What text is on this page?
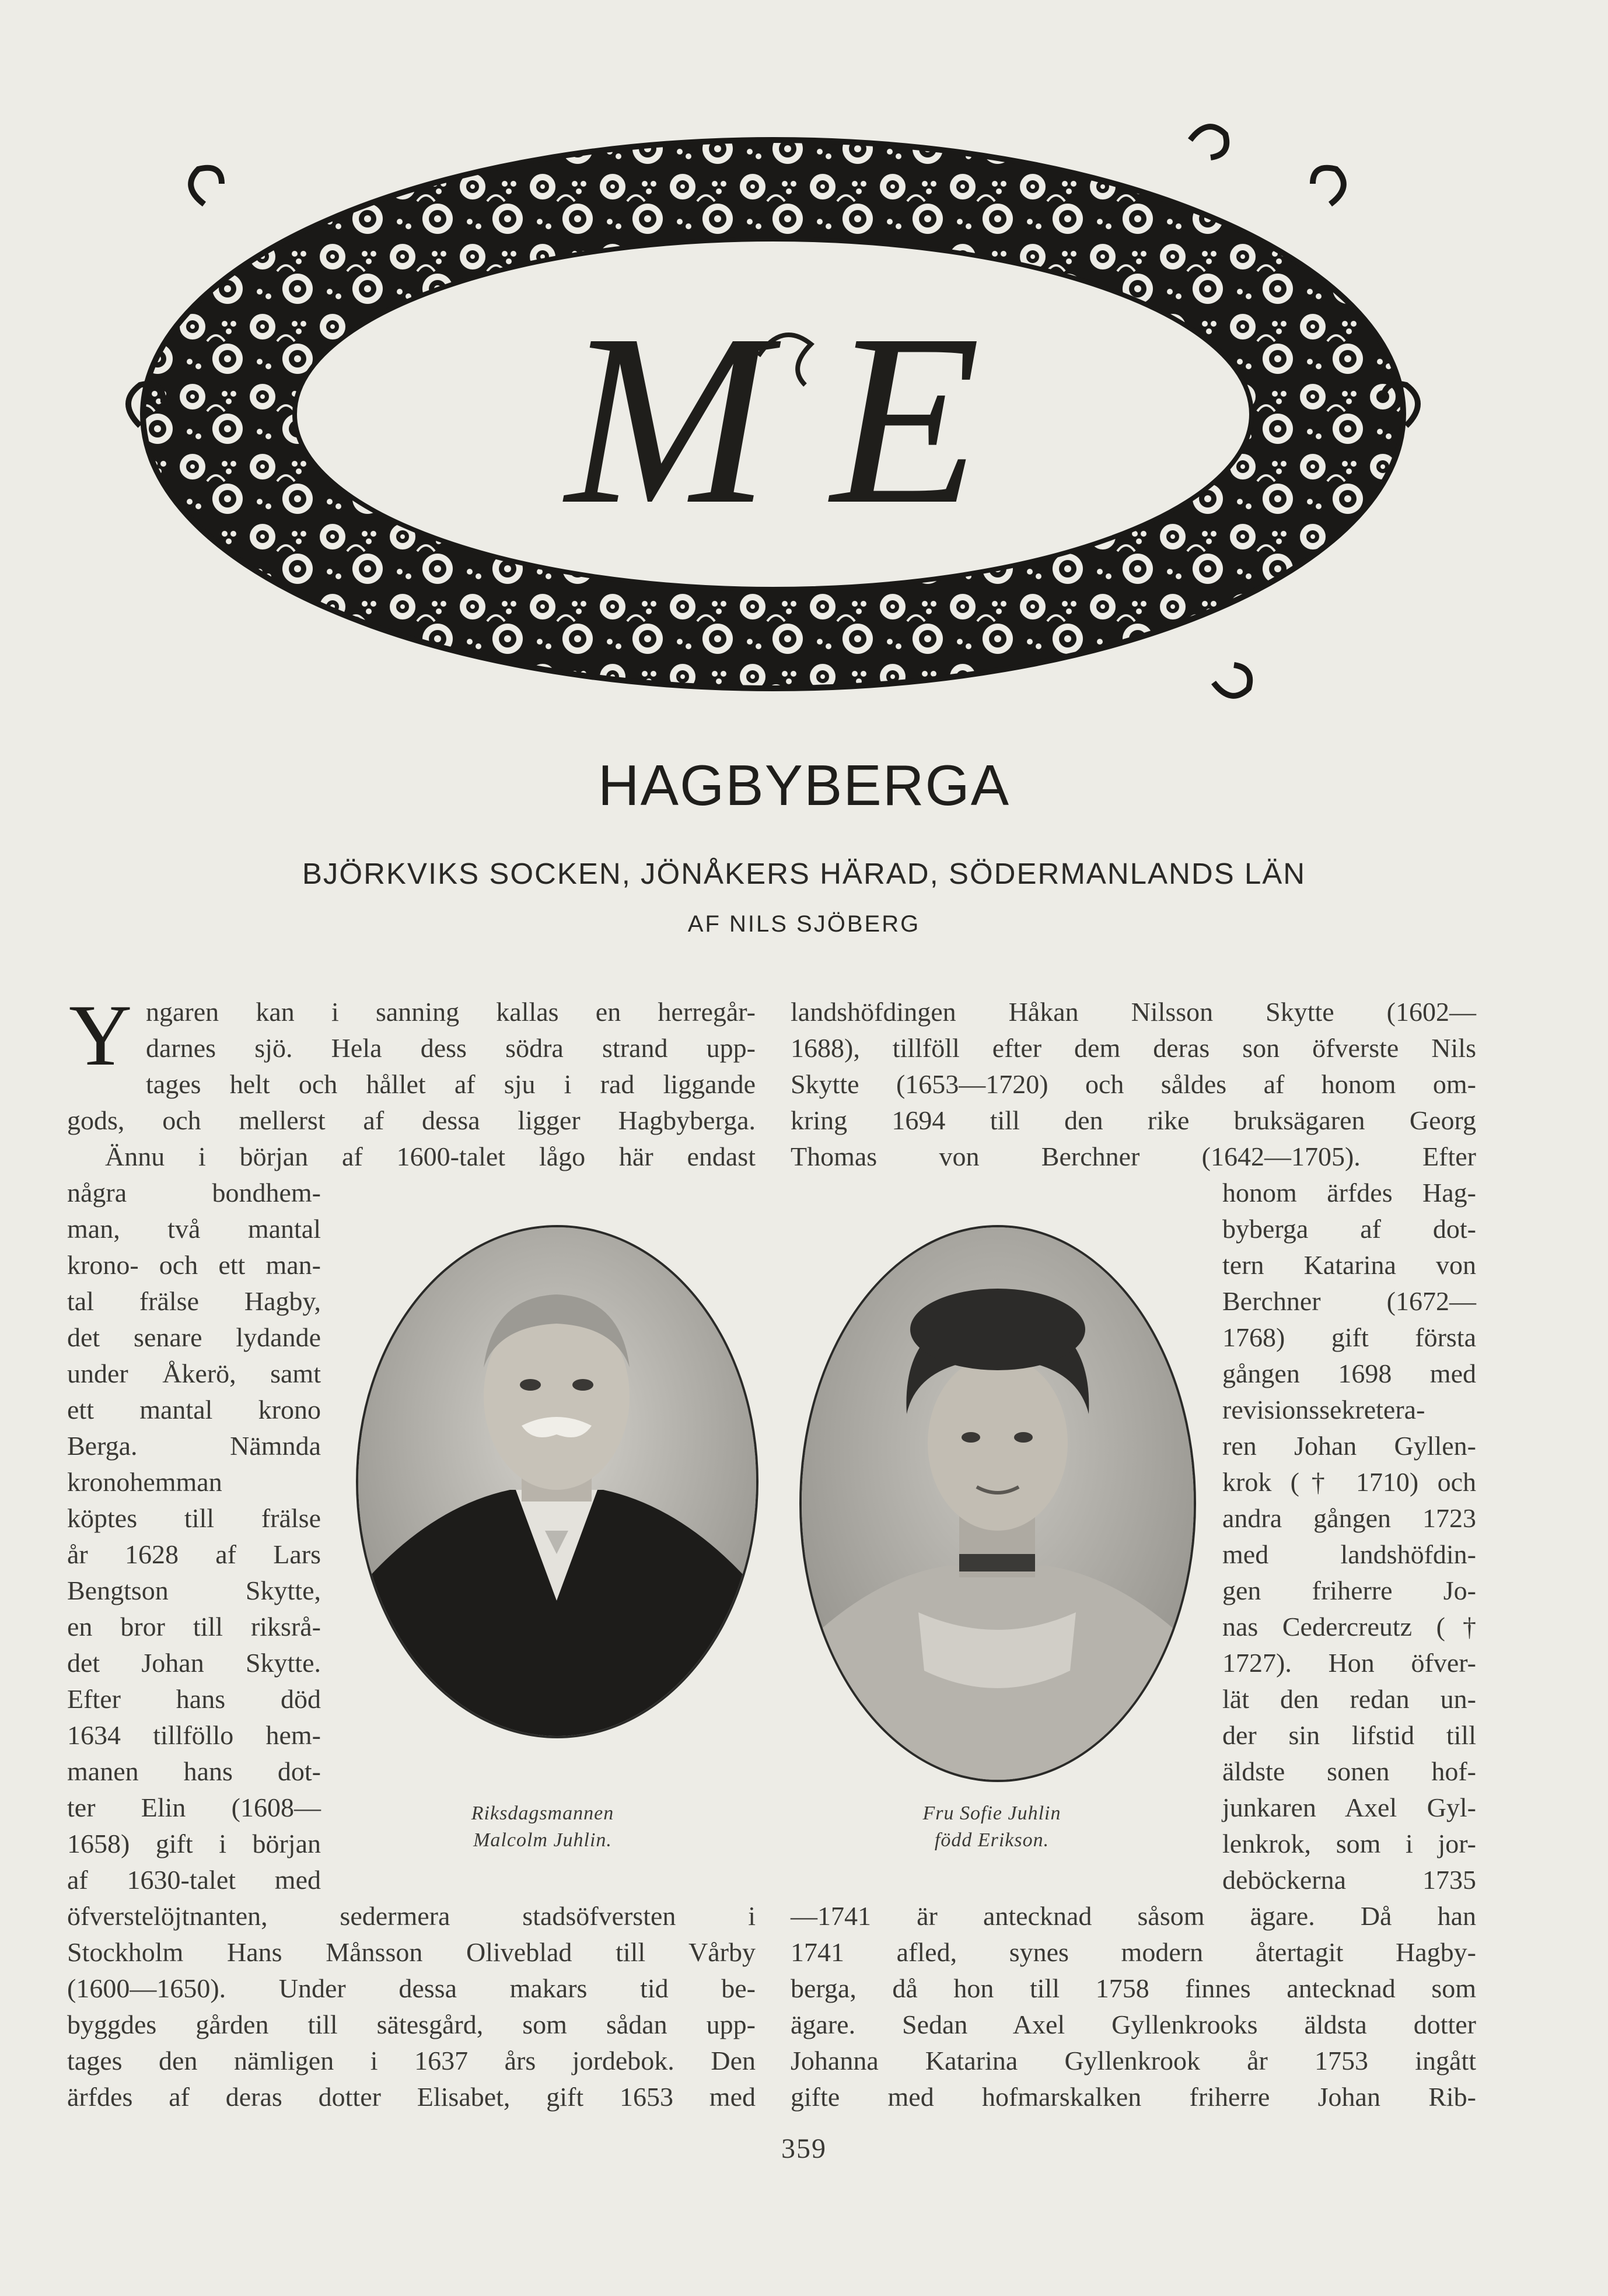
M E
HAGBYBERGA
BJÖRKVIKS SOCKEN, JÖNÅKERS HÄRAD, SÖDERMANLANDS LÄN
AF NILS SJÖBERG
Y ngaren kan i sanning kallas en herregår-
darnes sjö. Hela dess södra strand upp-
tages helt och hållet af sju i rad liggande
gods, och mellerst af dessa ligger Hagbyberga.
Ännu i början af 1600-talet lågo här endast
några bondhem-
man, två mantal
krono- och ett man-
tal frälse Hagby,
det senare lydande
under Åkerö, samt
ett mantal krono
Berga. Nämnda
kronohemman
köptes till frälse
år 1628 af Lars
Bengtson Skytte,
en bror till riksrå-
det Johan Skytte.
Efter hans död
1634 tillföllo hem-
manen hans dot-
ter Elin (1608—
1658) gift i början
af 1630-talet med
öfverstelöjtnanten, sedermera stadsöfversten i
Stockholm Hans Månsson Oliveblad till Vårby
(1600—1650). Under dessa makars tid be-
byggdes gården till sätesgård, som sådan upp-
tages den nämligen i 1637 års jordebok. Den
ärfdes af deras dotter Elisabet, gift 1653 med
landshöfdingen Håkan Nilsson Skytte (1602—
1688), tillföll efter dem deras son öfverste Nils
Skytte (1653—1720) och såldes af honom om-
kring 1694 till den rike bruksägaren Georg
Thomas von Berchner (1642—1705). Efter
honom ärfdes Hag-
byberga af dot-
tern Katarina von
Berchner (1672—
1768) gift första
gången 1698 med
revisionssekretera-
ren Johan Gyllen-
krok († 1710) och
andra gången 1723
med landshöfdin-
gen friherre Jo-
nas Cedercreutz (†
1727). Hon öfver-
lät den redan un-
der sin lifstid till
äldste sonen hof-
junkaren Axel Gyl-
lenkrok, som i jor-
deböckerna 1735
—1741 är antecknad såsom ägare. Då han
1741 afled, synes modern återtagit Hagby-
berga, då hon till 1758 finnes antecknad som
ägare. Sedan Axel Gyllenkrooks äldsta dotter
Johanna Katarina Gyllenkrook år 1753 ingått
gifte med hofmarskalken friherre Johan Rib-
Riksdagsmannen
Malcolm Juhlin.
Fru Sofie Juhlin
född Erikson.
359
